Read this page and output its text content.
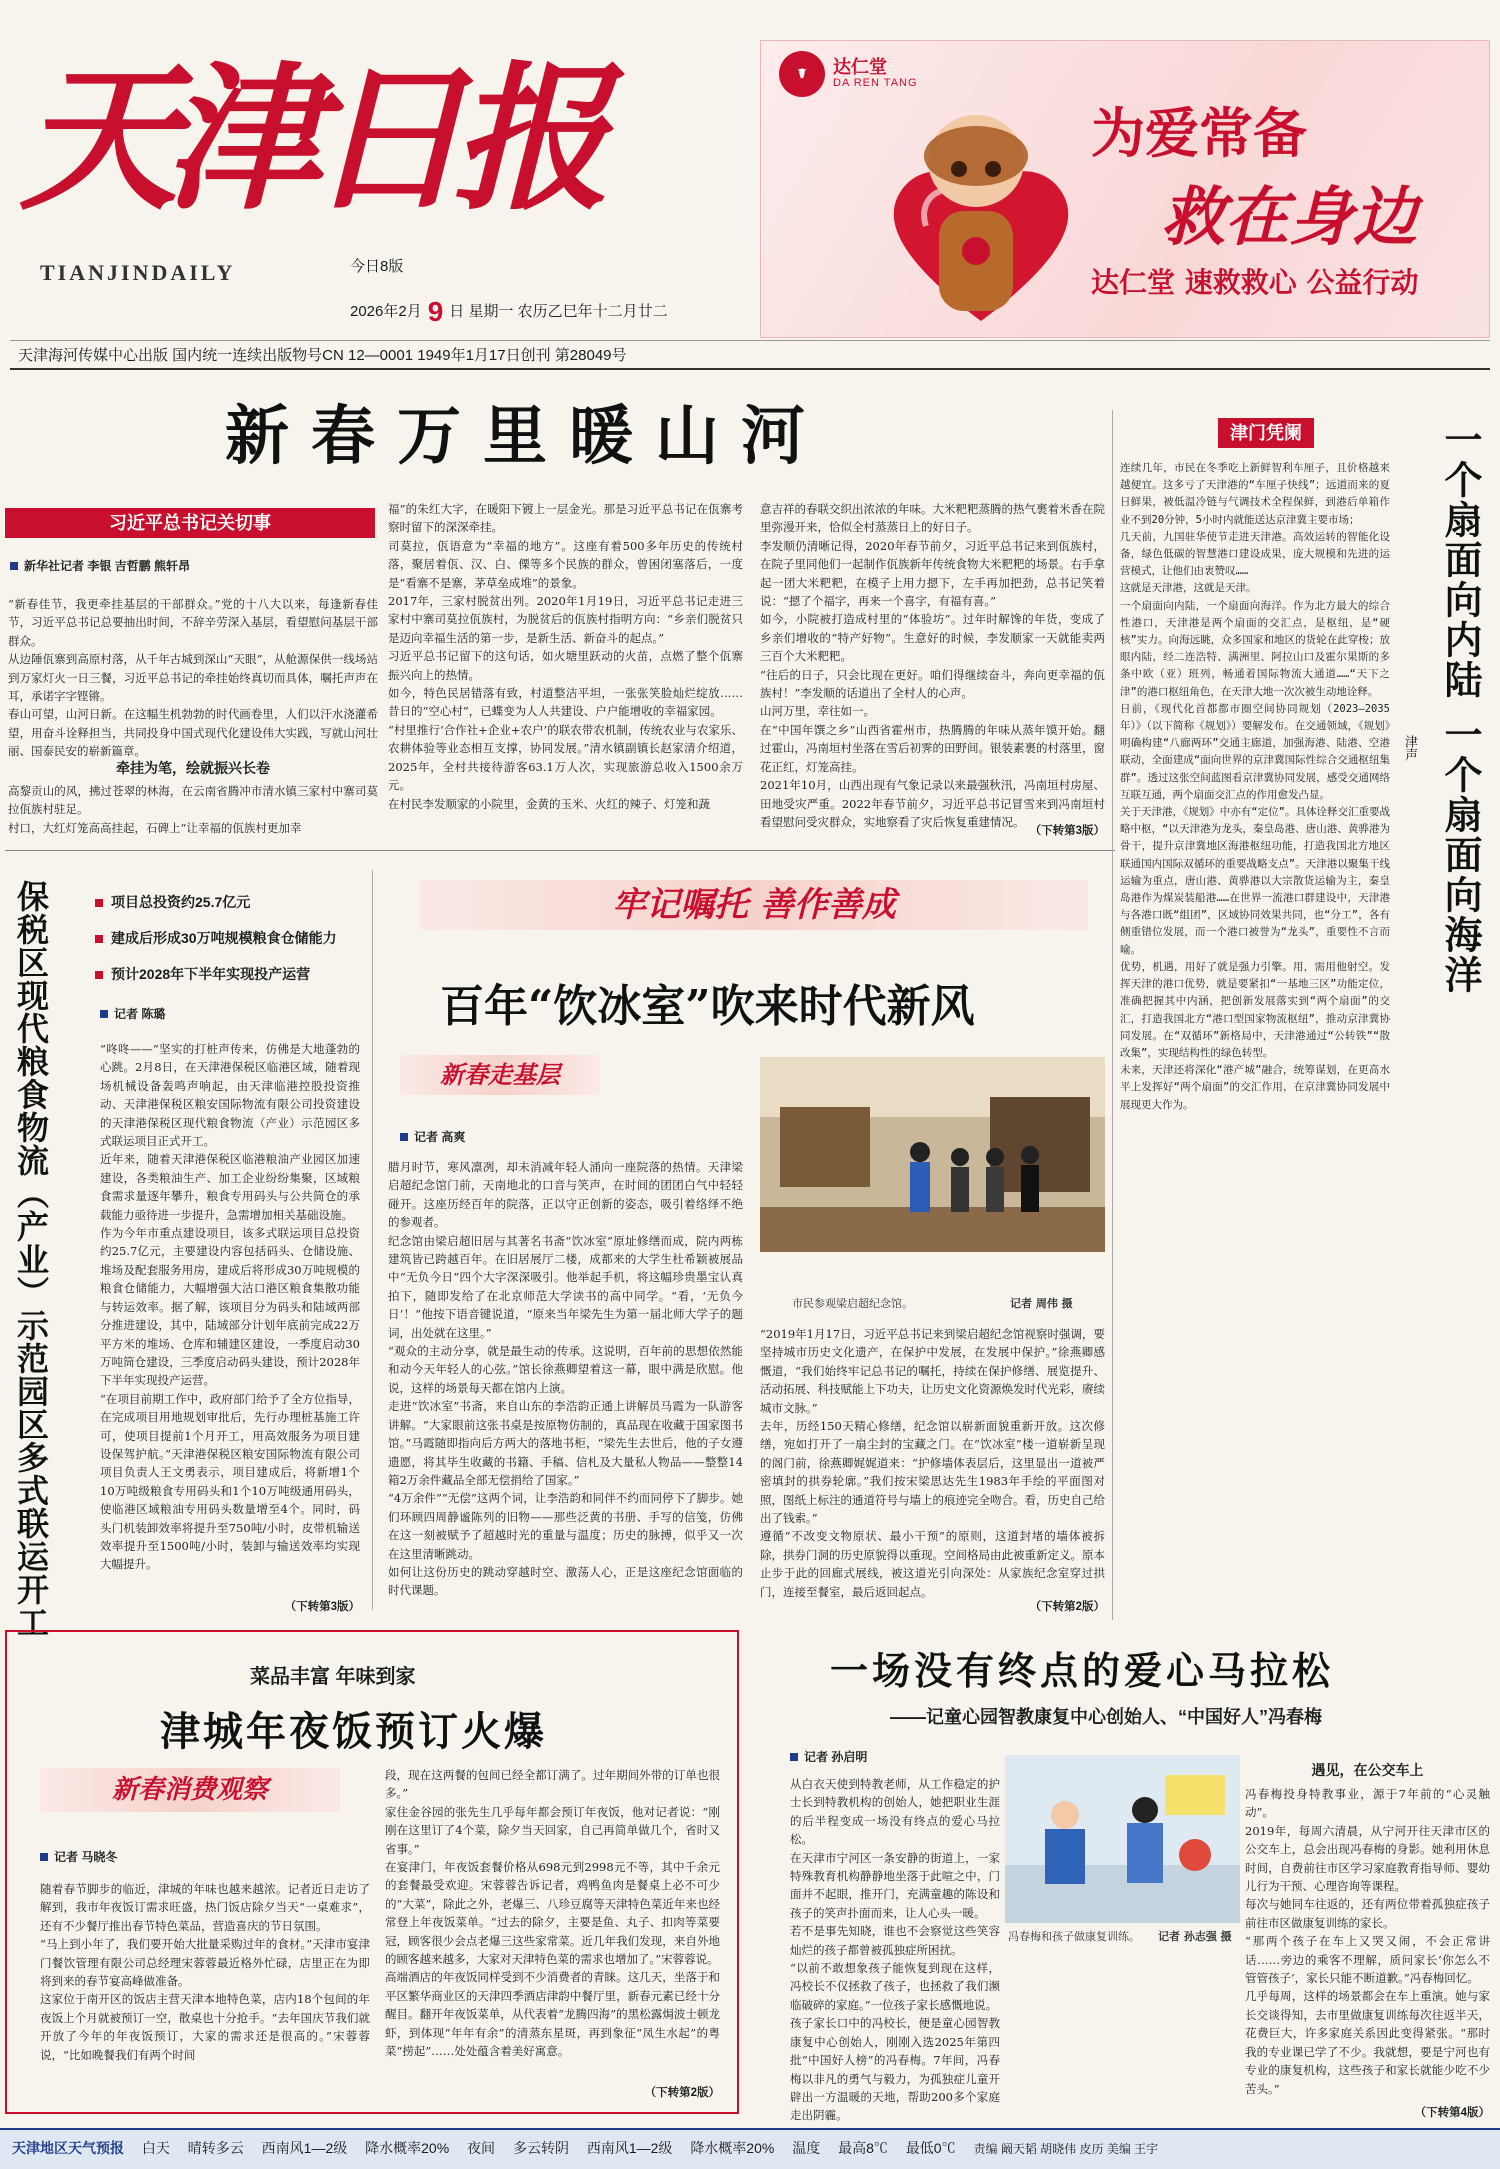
天津日报
TIANJINDAILY	今日8版
2026年2月 9 日 星期一 农历乙巳年十二月廿二
天津海河传媒中心出版 国内统一连续出版物号CN 12—0001 1949年1月17日创刊 第28049号
☤	达仁堂
DA REN TANG
为爱常备
救在身边
达仁堂 速救救心 公益行动
新春万里暖山河
习近平总书记关切事
新华社记者 李银 吉哲鹏 熊轩昂
“新春佳节，我更牵挂基层的干部群众。”党的十八大以来，每逢新春佳节，习近平总书记总要抽出时间，不辞辛劳深入基层，看望慰问基层干部群众。
从边陲佤寨到高原村落，从千年古城到深山“天眼”，从舱源保供一线场站到万家灯火一日三餐，习近平总书记的牵挂始终真切而具体，嘱托声声在耳，承诺字字铿锵。
春山可望，山河日新。在这幅生机勃勃的时代画卷里，人们以汗水浇灌希望，用奋斗诠释担当，共同投身中国式现代化建设伟大实践，写就山河壮丽、国泰民安的崭新篇章。
牵挂为笔，绘就振兴长卷
高黎贡山的风，拂过苍翠的林海，在云南省腾冲市清水镇三家村中寨司莫拉佤族村驻足。
村口，大红灯笼高高挂起，石碑上“让幸福的佤族村更加幸
福”的朱红大字，在暖阳下镀上一层金光。那是习近平总书记在佤寨考察时留下的深深牵挂。
司莫拉，佤语意为“幸福的地方”。这座有着500多年历史的传统村落，聚居着佤、汉、白、傈等多个民族的群众，曾困闭塞落后，一度是“看寨不是寨，茅草垒成堆”的景象。
2017年，三家村脱贫出列。2020年1月19日，习近平总书记走进三家村中寨司莫拉佤族村，为脱贫后的佤族村指明方向：“乡亲们脱贫只是迈向幸福生活的第一步，是新生活、新奋斗的起点。”
习近平总书记留下的这句话，如火塘里跃动的火苗，点燃了整个佤寨振兴向上的热情。
如今，特色民居错落有致，村道整洁平坦，一张张笑脸灿烂绽放……昔日的“空心村”，已蝶变为人人共建设、户户能增收的幸福家园。
“村里推行‘合作社+企业+农户’的联农带农机制，传统农业与农家乐、农耕体验等业态相互支撑，协同发展。”清水镇副镇长赵家清介绍道，2025年，全村共接待游客63.1万人次，实现旅游总收入1500余万元。
在村民李发顺家的小院里，金黄的玉米、火红的辣子、灯笼和蔬
意吉祥的春联交织出浓浓的年味。大米粑粑蒸腾的热气裹着米香在院里弥漫开来，恰似全村蒸蒸日上的好日子。
李发顺仍清晰记得，2020年春节前夕，习近平总书记来到佤族村，在院子里同他们一起制作佤族新年传统食物大米粑粑的场景。右手拿起一团大米粑粑，在模子上用力摁下，左手再加把劲，总书记笑着说：“摁了个福字，再来一个喜字，有福有喜。”
如今，小院被打造成村里的“体验坊”。过年时解馋的年货，变成了乡亲们增收的“特产好物”。生意好的时候，李发顺家一天就能卖两三百个大米粑粑。
“往后的日子，只会比现在更好。咱们得继续奋斗，奔向更幸福的佤族村！”李发顺的话道出了全村人的心声。
山河万里，幸往如一。
在“中国年馔之乡”山西省霍州市，热腾腾的年味从蒸年馍开始。翻过霍山，冯南垣村坐落在雪后初霁的田野间。银装素裹的村落里，窗花正红，灯笼高挂。
2021年10月，山西出现有气象记录以来最强秋汛，冯南垣村房屋、田地受灾严重。2022年春节前夕，习近平总书记冒雪来到冯南垣村看望慰问受灾群众，实地察看了灾后恢复重建情况。
（下转第3版）
津门凭阑	一个扇面向内陆 一个扇面向海洋
津声
连续几年，市民在冬季吃上新鲜智利车厘子，且价格越来越便宜。这多亏了天津港的“车厘子快线”；远道而来的夏日鲜果，被低温冷链与气调技术全程保鲜，到港后单箱作业不到20分钟，5小时内就能送达京津冀主要市场；
几天前，九国驻华使节走进天津港。高效运转的智能化设备，绿色低碳的智慧港口建设成果，庞大规模和先进的运营模式，让他们由衷赞叹……
这就是天津港，这就是天津。
一个扇面向内陆，一个扇面向海洋。作为北方最大的综合性港口，天津港是两个扇面的交汇点，是枢纽，是“硬核”实力。向海远眺，众多国家和地区的货轮在此穿梭；放眼内陆，经二连浩特、满洲里、阿拉山口及霍尔果斯的多条中欧（亚）班列，畅通着国际物流大通道……“天下之津”的港口枢纽角色，在天津大地一次次被生动地诠释。
日前，《现代化首都都市圈空间协同规划（2023—2035年）》（以下简称《规划》）要解发布。在交通领域，《规划》明确构建“八廊两环”交通主廊道，加强海港、陆港、空港联动，全面建成“面向世界的京津冀国际性综合交通枢纽集群”。透过这张空间蓝图看京津冀协同发展，感受交通网络互联互通，两个扇面交汇点的作用愈发凸显。
关于天津港，《规划》中亦有“定位”。具体诠释交汇重要战略中枢，“以天津港为龙头，秦皇岛港、唐山港、黄骅港为骨干，提升京津冀地区海港枢纽功能，打造我国北方地区联通国内国际双循环的重要战略支点”。天津港以聚集干线运输为重点，唐山港、黄骅港以大宗散货运输为主，秦皇岛港作为煤炭装船港……在世界一流港口群建设中，天津港与各港口既“组团”，区域协同效果共同，也“分工”，各有侧重错位发展，而一个港口被誉为“龙头”，重要性不言而喻。
优势，机遇，用好了就是强力引擎。用，需用他射空。发挥天津的港口优势，就是要紧扣“一基地三区”功能定位，准确把握其中内涵，把创新发展落实到“两个扇面”的交汇，打造我国北方“港口型国家物流枢纽”，推动京津冀协同发展。在“双循环”新格局中，天津港通过“公转铁”“散改集”，实现结构性的绿色转型。
未来，天津还将深化“港产城”融合，统筹谋划，在更高水平上发挥好“两个扇面”的交汇作用，在京津冀协同发展中展现更大作为。
保税区现代粮食物流（产业）示范园区多式联运开工	项目总投资约25.7亿元
建成后形成30万吨规模粮食仓储能力
预计2028年下半年实现投产运营
记者 陈璐
“咚咚——”坚实的打桩声传来，仿佛是大地蓬勃的心跳。2月8日，在天津港保税区临港区域，随着现场机械设备轰鸣声响起，由天津临港控股投资推动、天津港保税区粮安国际物流有限公司投资建设的天津港保税区现代粮食物流（产业）示范园区多式联运项目正式开工。
近年来，随着天津港保税区临港粮油产业园区加速建设，各类粮油生产、加工企业纷纷集聚，区域粮食需求量逐年攀升，粮食专用码头与公共筒仓的承载能力亟待进一步提升，急需增加相关基础设施。
作为今年市重点建设项目，该多式联运项目总投资约25.7亿元，主要建设内容包括码头、仓储设施、堆场及配套服务用房，建成后将形成30万吨规模的粮食仓储能力，大幅增强大沽口港区粮食集散功能与转运效率。据了解，该项目分为码头和陆域两部分推进建设，其中，陆域部分计划年底前完成22万平方米的堆场、仓库和辅建区建设，一季度启动30万吨筒仓建设，三季度启动码头建设，预计2028年下半年实现投产运营。
“在项目前期工作中，政府部门给予了全方位指导，在完成项目用地规划审批后，先行办理桩基施工许可，使项目提前1个月开工，用高效服务为项目建设保驾护航。”天津港保税区粮安国际物流有限公司项目负责人王文勇表示，项目建成后，将新增1个10万吨级粮食专用码头和1个10万吨级通用码头，使临港区域粮油专用码头数量增至4个。同时，码头门机装卸效率将提升至750吨/小时，皮带机输送效率提升至1500吨/小时，装卸与输送效率均实现大幅提升。
（下转第3版）
牢记嘱托 善作善成
百年“饮冰室”吹来时代新风
新春走基层
记者 高爽
腊月时节，寒风凛冽，却未消减年轻人涌向一座院落的热情。天津梁启超纪念馆门前，天南地北的口音与笑声，在时间的团团白气中轻轻碰开。这座历经百年的院落，正以守正创新的姿态，吸引着络绎不绝的参观者。
纪念馆由梁启超旧居与其著名书斋“饮冰室”原址修缮而成，院内两栋建筑皆已跨越百年。在旧居展厅二楼，成都来的大学生杜希颖被展品中“无负今日”四个大字深深吸引。他举起手机，将这幅珍贵墨宝认真拍下，随即发给了在北京师范大学读书的高中同学。“看，‘无负今日’！”他按下语音键说道，“原来当年梁先生为第一届北师大学子的题词，出处就在这里。”
“观众的主动分享，就是最生动的传承。这说明，百年前的思想依然能和动今天年轻人的心弦。”馆长徐燕卿望着这一幕，眼中满是欣慰。他说，这样的场景每天都在馆内上演。
走进“饮冰室”书斋，来自山东的李浩韵正通上讲解员马霞为一队游客讲解。“大家眼前这张书桌是按原物仿制的，真品现在收藏于国家图书馆。”马霞随即指向后方两大的落地书柜，“梁先生去世后，他的子女遵遗愿，将其毕生收藏的书籍、手稿、信札及大量私人物品——整整14箱2万余件藏品全部无偿捐给了国家。”
“4万余件”“无偿”这两个词，让李浩韵和同伴不约而同停下了脚步。她们环顾四周静谧陈列的旧物——那些泛黄的书册、手写的信笺，仿佛在这一刻被赋予了超越时光的重量与温度；历史的脉搏，似乎又一次在这里清晰跳动。
如何让这份历史的跳动穿越时空、激荡人心，正是这座纪念馆面临的时代课题。
市民参观梁启超纪念馆。	记者 周伟 摄
“2019年1月17日，习近平总书记来到梁启超纪念馆视察时强调，要坚持城市历史文化遗产，在保护中发展，在发展中保护。”徐燕卿感慨道，“我们始终牢记总书记的嘱托，持续在保护修缮、展览提升、活动拓展、科技赋能上下功夫，让历史文化资源焕发时代光彩，赓续城市文脉。”
去年，历经150天精心修缮，纪念馆以崭新面貌重新开放。这次修缮，宛如打开了一扇尘封的宝藏之门。在“饮冰室”楼一道崭新呈现的阁门前，徐燕卿娓娓道来：“护修墙体表层后，这里显出一道被严密填封的拱券轮廓。”我们按宋梁思达先生1983年手绘的平面图对照，图纸上标注的通道符号与墙上的痕迹完全吻合。看，历史自己给出了钱索。”
遵循“不改变文物原状、最小干预”的原则，这道封堵的墙体被拆除，拱券门洞的历史原貌得以重现。空间格局由此被重新定义。原本止步于此的回廊式展线，被这道光引向深处：从家族纪念室穿过拱门，连接至餐室，最后返回起点。
（下转第2版）
菜品丰富 年味到家
津城年夜饭预订火爆
新春消费观察
记者 马晓冬
随着春节脚步的临近，津城的年味也越来越浓。记者近日走访了解到，我市年夜饭订需求旺盛，热门饭店除夕当天“一桌难求”，还有不少餐厅推出春节特色菜品，营造喜庆的节日氛围。
“马上到小年了，我们要开始大批量采购过年的食材。”天津市宴津门餐饮管理有限公司总经理宋蓉蓉最近格外忙碌，店里正在为即将到来的春节宴高峰做准备。
这家位于南开区的饭店主营天津本地特色菜，店内18个包间的年夜饭上个月就被预订一空，散桌也十分抢手。“去年国庆节我们就开放了今年的年夜饭预订，大家的需求还是很高的。”宋蓉蓉说，“比如晚餐我们有两个时间
段，现在这两餐的包间已经全都订满了。过年期间外带的订单也很多。”
家住金谷园的张先生几乎每年都会预订年夜饭，他对记者说：“刚刚在这里订了4个菜，除夕当天回家，自己再简单做几个，省时又省事。”
在宴津门，年夜饭套餐价格从698元到2998元不等，其中千余元的套餐最受欢迎。宋蓉蓉告诉记者，鸡鸭鱼肉是餐桌上必不可少的“大菜”，除此之外，老爆三、八珍豆腐等天津特色菜近年来也经常登上年夜饭菜单。“过去的除夕，主要是鱼、丸子、扣肉等菜要冠，顾客很少会点老爆三这些家常菜。近几年我们发现，来自外地的顾客越来越多，大家对天津特色菜的需求也增加了。”宋蓉蓉说。
高端酒店的年夜饭同样受到不少消费者的青睐。这几天，坐落于和平区繁华商业区的天津四季酒店津韵中餐厅里，新春元素已经十分醒目。翻开年夜饭菜单，从代表着“龙腾四海”的黑松露焗波士顿龙虾，到体现“年年有余”的清蒸东星斑，再到象征“凤生水起”的粤菜“捞起”……处处蕴含着美好寓意。
（下转第2版）
一场没有终点的爱心马拉松
——记童心园智教康复中心创始人、“中国好人”冯春梅
记者 孙启明
从白衣天使到特教老师，从工作稳定的护士长到特教机构的创始人，她把职业生涯的后半程变成一场没有终点的爱心马拉松。
在天津市宁河区一条安静的街道上，一家特殊教育机构静静地坐落于此喧之中，门面并不起眼，推开门，充满童趣的陈设和孩子的笑声扑面而来，让人心头一暖。
若不是事先知晓，谁也不会察觉这些笑容灿烂的孩子都曾被孤独症所困扰。
“以前不敢想象孩子能恢复到现在这样，冯校长不仅拯救了孩子，也拯救了我们濒临破碎的家庭。”一位孩子家长感慨地说。
孩子家长口中的冯校长，便是童心园智教康复中心创始人，刚刚入选2025年第四批“中国好人榜”的冯春梅。7年间，冯春梅以非凡的勇气与毅力，为孤独症儿童开辟出一方温暖的天地，帮助200多个家庭走出阴霾。
冯春梅和孩子做康复训练。 记者 孙志强 摄
遇见，在公交车上
冯春梅投身特教事业，源于7年前的“心灵触动”。
2019年，每周六清晨，从宁河开往天津市区的公交车上，总会出现冯春梅的身影。她利用休息时间，自费前往市区学习家庭教育指导师、婴幼儿行为干预、心理咨询等课程。
每次与她同车往返的，还有两位带着孤独症孩子前往市区做康复训练的家长。
“那两个孩子在车上又哭又闹，不会正常讲话……旁边的乘客不理解，质问家长‘你怎么不管管孩子’，家长只能不断道歉。”冯春梅回忆。
几乎每周，这样的场景都会在车上重演。她与家长交谈得知，去市里做康复训练每次往返半天，花费巨大，许多家庭关系因此变得紧张。“那时我的专业课已学了不少。我就想，要是宁河也有专业的康复机构，这些孩子和家长就能少吃不少苦头。”
（下转第4版）
天津地区天气预报 白天 晴转多云 西南风1—2级 降水概率20% 夜间 多云转阴 西南风1—2级 降水概率20% 温度 最高8℃ 最低0℃ 责编 阚天韬 胡晓伟 皮历 美编 王宇
